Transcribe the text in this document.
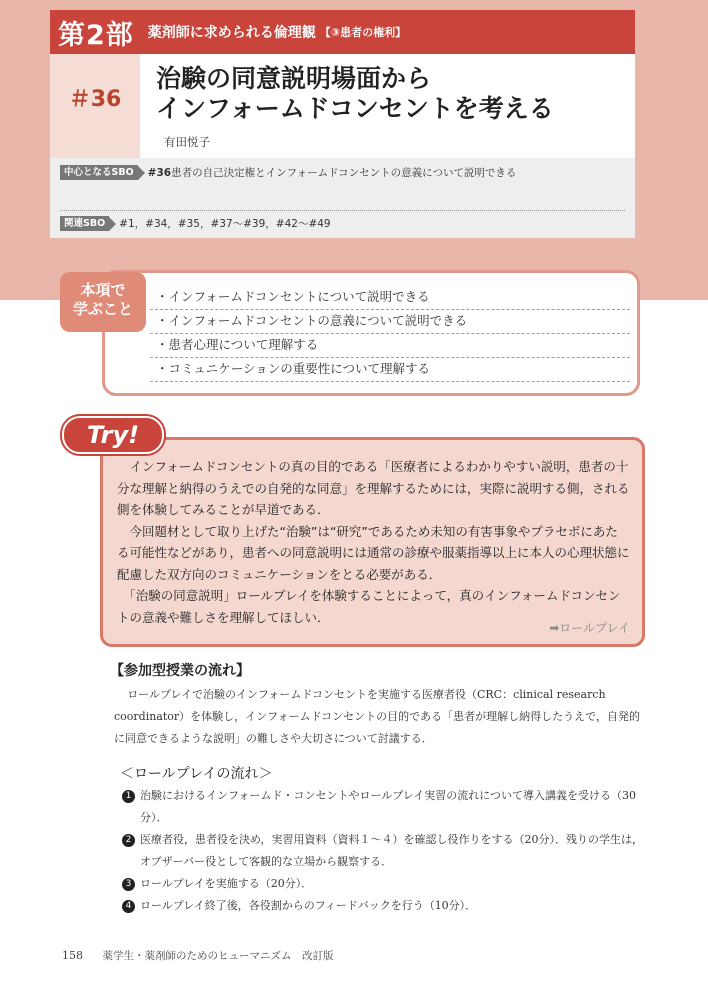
第2部 薬剤師に求められる倫理観 【③患者の権利】
＃36
治験の同意説明場面から
インフォームドコンセントを考える
有田悦子
中心となるSBO	#36 患者の自己決定権とインフォームドコンセントの意義について説明できる
関連SBO	#1，#34，#35，#37～#39，#42～#49
本項で
学ぶこと
・インフォームドコンセントについて説明できる
・インフォームドコンセントの意義について説明できる
・患者心理について理解する
・コミュニケーションの重要性について理解する

インフォームドコンセントの真の目的である「医療者によるわかりやすい説明，患者の十分な理解と納得のうえでの自発的な同意」を理解するためには，実際に説明する側，される側を体験してみることが早道である．

今回題材として取り上げた“治験”は“研究”であるため未知の有害事象やプラセボにあたる可能性などがあり，患者への同意説明には通常の診療や服薬指導以上に本人の心理状態に配慮した双方向のコミュニケーションをとる必要がある．

「治験の同意説明」ロールプレイを体験することによって，真のインフォームドコンセントの意義や難しさを理解してほしい．

➡ロールプレイ
Try!
【参加型授業の流れ】
ロールプレイで治験のインフォームドコンセントを実施する医療者役（CRC：clinical research coordinator）を体験し，インフォームドコンセントの目的である「患者が理解し納得したうえで，自発的に同意できるような説明」の難しさや大切さについて討議する．
＜ロールプレイの流れ＞
1 治験におけるインフォームド・コンセントやロールプレイ実習の流れについて導入講義を受ける（30分）．
2 医療者役，患者役を決め，実習用資料（資料１～４）を確認し役作りをする（20分）．残りの学生は，オブザーバー役として客観的な立場から観察する．
3 ロールプレイを実施する（20分）．
4 ロールプレイ終了後，各役割からのフィードバックを行う（10分）．
158 薬学生・薬剤師のためのヒューマニズム　改訂版
